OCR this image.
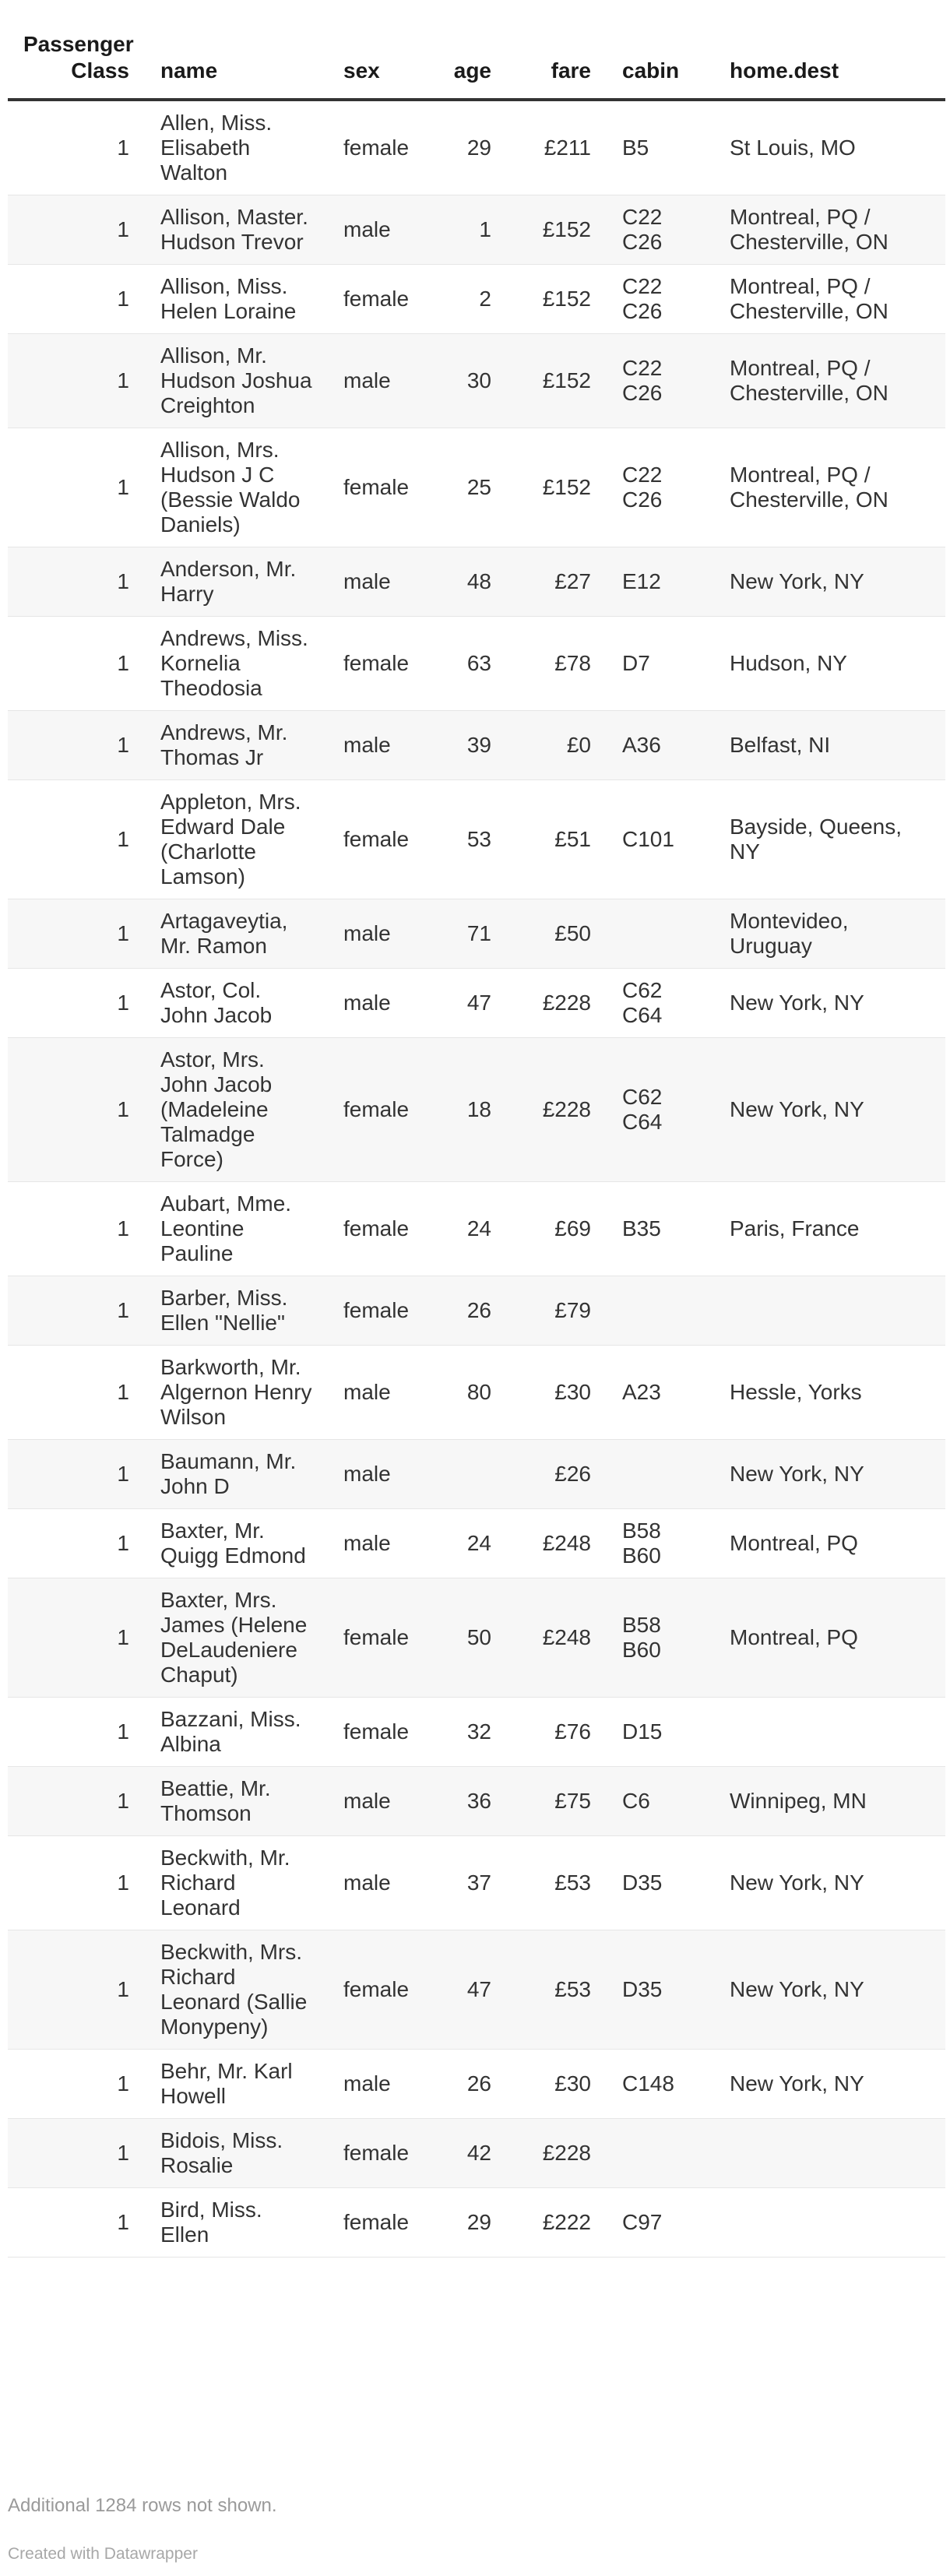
Passenger Class	name	sex	age	fare	cabin	home.dest
1	Allen, Miss. Elisabeth Walton	female	29	£211	B5	St Louis, MO
1	Allison, Master. Hudson Trevor	male	1	£152	C22 C26	Montreal, PQ / Chesterville, ON
1	Allison, Miss. Helen Loraine	female	2	£152	C22 C26	Montreal, PQ / Chesterville, ON
1	Allison, Mr. Hudson Joshua Creighton	male	30	£152	C22 C26	Montreal, PQ / Chesterville, ON
1	Allison, Mrs. Hudson J C (Bessie Waldo Daniels)	female	25	£152	C22 C26	Montreal, PQ / Chesterville, ON
1	Anderson, Mr. Harry	male	48	£27	E12	New York, NY
1	Andrews, Miss. Kornelia Theodosia	female	63	£78	D7	Hudson, NY
1	Andrews, Mr. Thomas Jr	male	39	£0	A36	Belfast, NI
1	Appleton, Mrs. Edward Dale (Charlotte Lamson)	female	53	£51	C101	Bayside, Queens, NY
1	Artagaveytia, Mr. Ramon	male	71	£50		Montevideo, Uruguay
1	Astor, Col. John Jacob	male	47	£228	C62 C64	New York, NY
1	Astor, Mrs. John Jacob (Madeleine Talmadge Force)	female	18	£228	C62 C64	New York, NY
1	Aubart, Mme. Leontine Pauline	female	24	£69	B35	Paris, France
1	Barber, Miss. Ellen "Nellie"	female	26	£79		
1	Barkworth, Mr. Algernon Henry Wilson	male	80	£30	A23	Hessle, Yorks
1	Baumann, Mr. John D	male		£26		New York, NY
1	Baxter, Mr. Quigg Edmond	male	24	£248	B58 B60	Montreal, PQ
1	Baxter, Mrs. James (Helene DeLaudeniere Chaput)	female	50	£248	B58 B60	Montreal, PQ
1	Bazzani, Miss. Albina	female	32	£76	D15	
1	Beattie, Mr. Thomson	male	36	£75	C6	Winnipeg, MN
1	Beckwith, Mr. Richard Leonard	male	37	£53	D35	New York, NY
1	Beckwith, Mrs. Richard Leonard (Sallie Monypeny)	female	47	£53	D35	New York, NY
1	Behr, Mr. Karl Howell	male	26	£30	C148	New York, NY
1	Bidois, Miss. Rosalie	female	42	£228		
1	Bird, Miss. Ellen	female	29	£222	C97	
Additional 1284 rows not shown.
Created with Datawrapper
